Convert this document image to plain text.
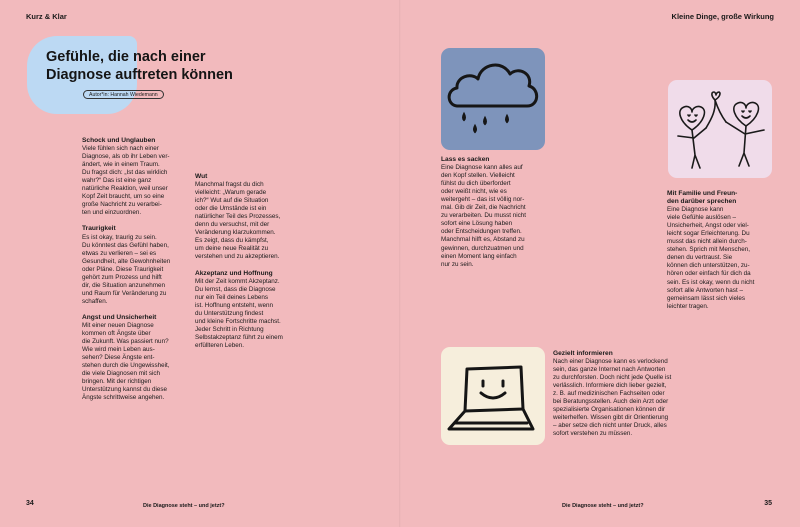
Kurz & Klar	Kleine Dinge, große Wirkung
Gefühle, die nach einer
Diagnose auftreten können
Autor*in: Hannah Wiedemann
Schock und Unglauben

Viele fühlen sich nach einer
Diagnose, als ob ihr Leben ver-
ändert, wie in einem Traum.
Du fragst dich: „Ist das wirklich
wahr?“ Das ist eine ganz
natürliche Reaktion, weil unser
Kopf Zeit braucht, um so eine
große Nachricht zu verarbei-
ten und einzuordnen.

Traurigkeit

Es ist okay, traurig zu sein.
Du könntest das Gefühl haben,
etwas zu verlieren – sei es
Gesundheit, alte Gewohnheiten
oder Pläne. Diese Traurigkeit
gehört zum Prozess und hilft
dir, die Situation anzunehmen
und Raum für Veränderung zu
schaffen.

Angst und Unsicherheit

Mit einer neuen Diagnose
kommen oft Ängste über
die Zukunft. Was passiert nun?
Wie wird mein Leben aus-
sehen? Diese Ängste ent-
stehen durch die Ungewissheit,
die viele Diagnosen mit sich
bringen. Mit der richtigen
Unterstützung kannst du diese
Ängste schrittweise angehen.

Wut

Manchmal fragst du dich
vielleicht: „Warum gerade
ich?“ Wut auf die Situation
oder die Umstände ist ein
natürlicher Teil des Prozesses,
denn du versuchst, mit der
Veränderung klarzukommen.
Es zeigt, dass du kämpfst,
um deine neue Realität zu
verstehen und zu akzeptieren.

Akzeptanz und Hoffnung

Mit der Zeit kommt Akzeptanz.
Du lernst, dass die Diagnose
nur ein Teil deines Lebens
ist. Hoffnung entsteht, wenn
du Unterstützung findest
und kleine Fortschritte machst.
Jeder Schritt in Richtung
Selbstakzeptanz führt zu einem
erfüllteren Leben.

Lass es sacken

Eine Diagnose kann alles auf
den Kopf stellen. Vielleicht
fühlst du dich überfordert
oder weißt nicht, wie es
weitergeht – das ist völlig nor-
mal. Gib dir Zeit, die Nachricht
zu verarbeiten. Du musst nicht
sofort eine Lösung haben
oder Entscheidungen treffen.
Manchmal hilft es, Abstand zu
gewinnen, durchzuatmen und
einen Moment lang einfach
nur zu sein.

Mit Familie und Freun-
den darüber sprechen

Eine Diagnose kann
viele Gefühle auslösen –
Unsicherheit, Angst oder viel-
leicht sogar Erleichterung. Du
musst das nicht allein durch-
stehen. Sprich mit Menschen,
denen du vertraust. Sie
können dich unterstützen, zu-
hören oder einfach für dich da
sein. Es ist okay, wenn du nicht
sofort alle Antworten hast –
gemeinsam lässt sich vieles
leichter tragen.

Gezielt informieren

Nach einer Diagnose kann es verlockend
sein, das ganze Internet nach Antworten
zu durchforsten. Doch nicht jede Quelle ist
verlässlich. Informiere dich lieber gezielt,
z. B. auf medizinischen Fachseiten oder
bei Beratungsstellen. Auch dein Arzt oder
spezialisierte Organisationen können dir
weiterhelfen. Wissen gibt dir Orientierung
– aber setze dich nicht unter Druck, alles
sofort verstehen zu müssen.

34	35
Die Diagnose steht – und jetzt?	Die Diagnose steht – und jetzt?
